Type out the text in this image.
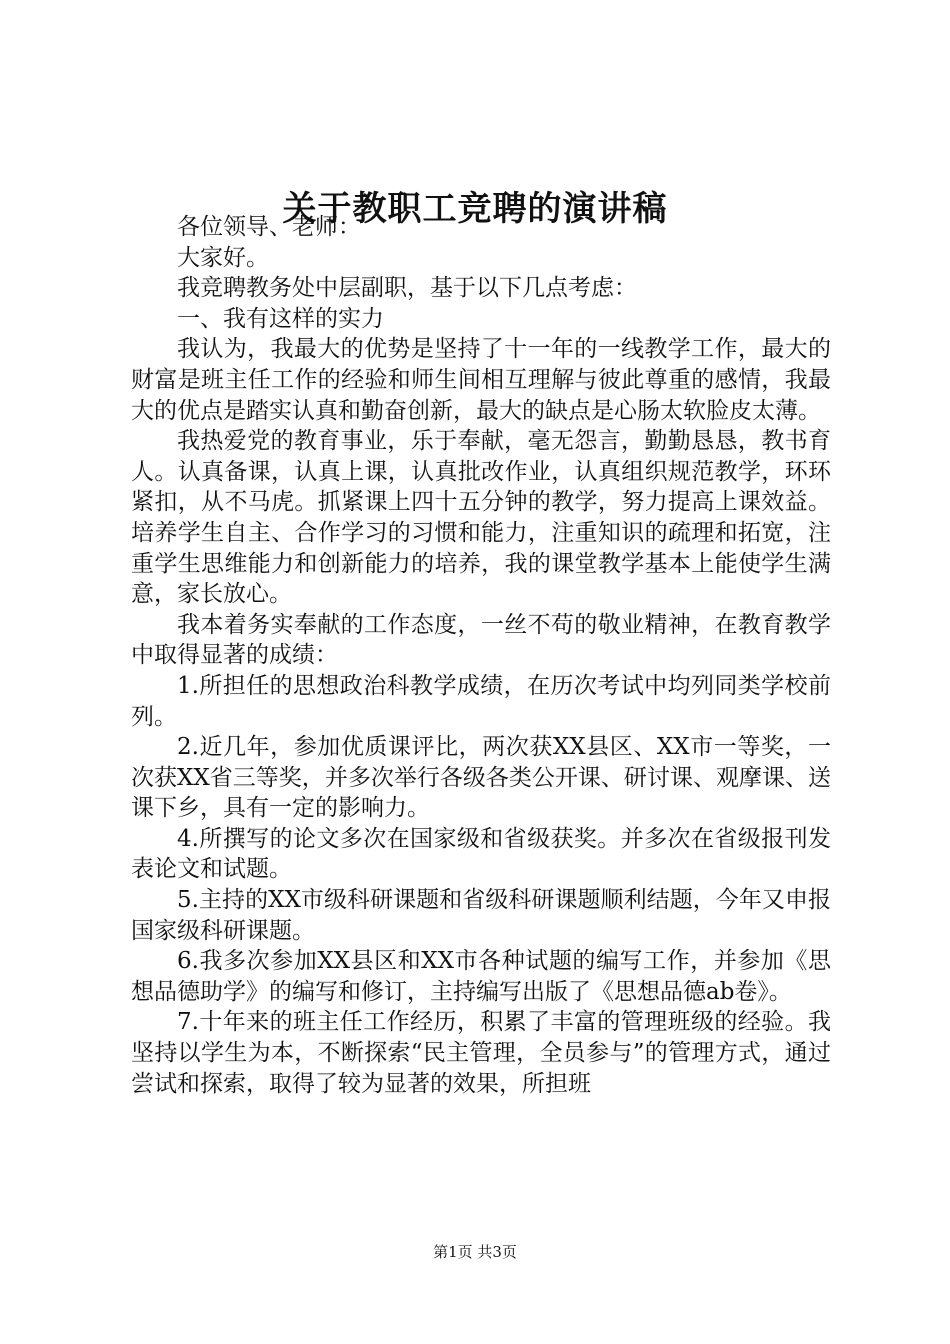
关于教职工竞聘的演讲稿

各位领导、老师：

大家好。

我竞聘教务处中层副职，基于以下几点考虑：

一、我有这样的实力

我认为，我最大的优势是坚持了十一年的一线教学工作，最大的财富是班主任工作的经验和师生间相互理解与彼此尊重的感情，我最大的优点是踏实认真和勤奋创新，最大的缺点是心肠太软脸皮太薄。

我热爱党的教育事业，乐于奉献，毫无怨言，勤勤恳恳，教书育人。认真备课，认真上课，认真批改作业，认真组织规范教学，环环紧扣，从不马虎。抓紧课上四十五分钟的教学，努力提高上课效益。培养学生自主、合作学习的习惯和能力，注重知识的疏理和拓宽，注重学生思维能力和创新能力的培养，我的课堂教学基本上能使学生满意，家长放心。

我本着务实奉献的工作态度，一丝不苟的敬业精神，在教育教学中取得显著的成绩：

1.所担任的思想政治科教学成绩，在历次考试中均列同类学校前列。

2.近几年，参加优质课评比，两次获XX县区、XX市一等奖，一次获XX省三等奖，并多次举行各级各类公开课、研讨课、观摩课、送课下乡，具有一定的影响力。

4.所撰写的论文多次在国家级和省级获奖。并多次在省级报刊发表论文和试题。

5.主持的XX市级科研课题和省级科研课题顺利结题，今年又申报国家级科研课题。

6.我多次参加XX县区和XX市各种试题的编写工作，并参加《思想品德助学》的编写和修订，主持编写出版了《思想品德ab卷》。

7.十年来的班主任工作经历，积累了丰富的管理班级的经验。我坚持以学生为本，不断探索“民主管理，全员参与”的管理方式，通过尝试和探索，取得了较为显著的效果，所担班

第1页 共3页
